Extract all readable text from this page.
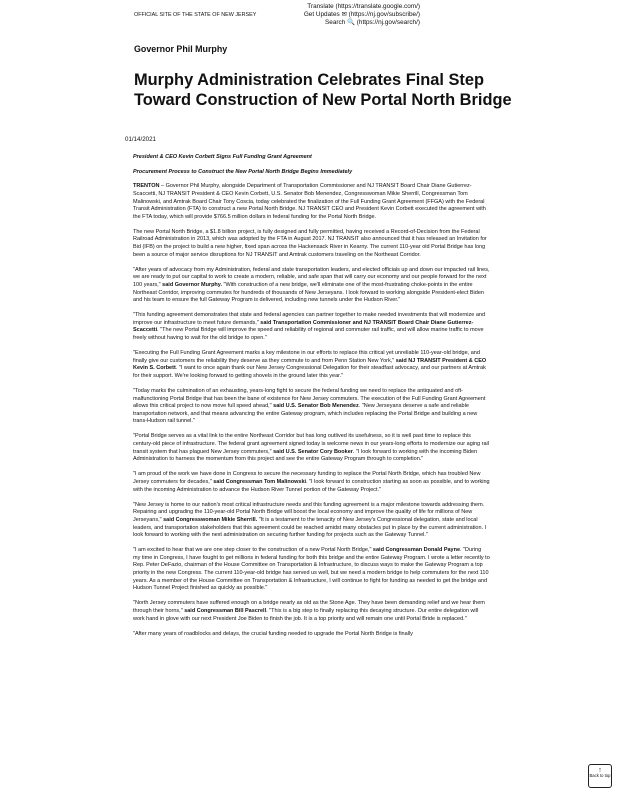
OFFICIAL SITE OF THE STATE OF NEW JERSEY
Translate (https://translate.google.com/)
Get Updates ✉ (https://nj.gov/subscribe/)
Search 🔍 (https://nj.gov/search/)
Governor Phil Murphy
Murphy Administration Celebrates Final Step Toward Construction of New Portal North Bridge
01/14/2021

President & CEO Kevin Corbett Signs Full Funding Grant Agreement

Procurement Process to Construct the New Portal North Bridge Begins Immediately

TRENTON – Governor Phil Murphy, alongside Department of Transportation Commissioner and NJ TRANSIT Board Chair Diane Gutierrez-Scaccetti, NJ TRANSIT President & CEO Kevin Corbett, U.S. Senator Bob Menendez, Congresswoman Mikie Sherrill, Congressman Tom Malinowski, and Amtrak Board Chair Tony Coscia, today celebrated the finalization of the Full Funding Grant Agreement (FFGA) with the Federal Transit Administration (FTA) to construct a new Portal North Bridge. NJ TRANSIT CEO and President Kevin Corbett executed the agreement with the FTA today, which will provide $766.5 million dollars in federal funding for the Portal North Bridge.

The new Portal North Bridge, a $1.8 billion project, is fully designed and fully permitted, having received a Record-of-Decision from the Federal Railroad Administration in 2013, which was adopted by the FTA in August 2017. NJ TRANSIT also announced that it has released an Invitation for Bid (IFB) on the project to build a new higher, fixed span across the Hackensack River in Kearny. The current 110-year old Portal Bridge has long been a source of major service disruptions for NJ TRANSIT and Amtrak customers traveling on the Northeast Corridor.

"After years of advocacy from my Administration, federal and state transportation leaders, and elected officials up and down our impacted rail lines, we are ready to put our capital to work to create a modern, reliable, and safe span that will carry our economy and our people forward for the next 100 years," said Governor Murphy. "With construction of a new bridge, we'll eliminate one of the most-frustrating choke-points in the entire Northeast Corridor, improving commutes for hundreds of thousands of New Jerseyans. I look forward to working alongside President-elect Biden and his team to ensure the full Gateway Program is delivered, including new tunnels under the Hudson River."

"This funding agreement demonstrates that state and federal agencies can partner together to make needed investments that will modernize and improve our infrastructure to meet future demands," said Transportation Commissioner and NJ TRANSIT Board Chair Diane Gutierrez-Scaccetti. "The new Portal Bridge will improve the speed and reliability of regional and commuter rail traffic, and will allow marine traffic to move freely without having to wait for the old bridge to open."

"Executing the Full Funding Grant Agreement marks a key milestone in our efforts to replace this critical yet unreliable 110-year-old bridge, and finally give our customers the reliability they deserve as they commute to and from Penn Station New York," said NJ TRANSIT President & CEO Kevin S. Corbett. "I want to once again thank our New Jersey Congressional Delegation for their steadfast advocacy, and our partners at Amtrak for their support. We're looking forward to getting shovels in the ground later this year."

"Today marks the culmination of an exhausting, years-long fight to secure the federal funding we need to replace the antiquated and oft-malfunctioning Portal Bridge that has been the bane of existence for New Jersey commuters. The execution of the Full Funding Grant Agreement allows this critical project to now move full speed ahead," said U.S. Senator Bob Menendez. "New Jerseyans deserve a safe and reliable transportation network, and that means advancing the entire Gateway program, which includes replacing the Portal Bridge and building a new trans-Hudson rail tunnel."

"Portal Bridge serves as a vital link to the entire Northeast Corridor but has long outlived its usefulness, so it is well past time to replace this century-old piece of infrastructure. The federal grant agreement signed today is welcome news in our years-long efforts to modernize our aging rail transit system that has plagued New Jersey commuters," said U.S. Senator Cory Booker. "I look forward to working with the incoming Biden Administration to harness the momentum from this project and see the entire Gateway Program through to completion."

"I am proud of the work we have done in Congress to secure the necessary funding to replace the Portal North Bridge, which has troubled New Jersey commuters for decades," said Congressman Tom Malinowski. "I look forward to construction starting as soon as possible, and to working with the incoming Administration to advance the Hudson River Tunnel portion of the Gateway Project."

"New Jersey is home to our nation's most critical infrastructure needs and this funding agreement is a major milestone towards addressing them. Repairing and upgrading the 110-year-old Portal North Bridge will boost the local economy and improve the quality of life for millions of New Jerseyans," said Congresswoman Mikie Sherrill. "It is a testament to the tenacity of New Jersey's Congressional delegation, state and local leaders, and transportation stakeholders that this agreement could be reached amidst many obstacles put in place by the current administration. I look forward to working with the next administration on securing further funding for projects such as the Gateway Tunnel."

"I am excited to hear that we are one step closer to the construction of a new Portal North Bridge," said Congressman Donald Payne. "During my time in Congress, I have fought to get millions in federal funding for both this bridge and the entire Gateway Program. I wrote a letter recently to Rep. Peter DeFazio, chairman of the House Committee on Transportation & Infrastructure, to discuss ways to make the Gateway Program a top priority in the new Congress. The current 110-year-old bridge has served us well, but we need a modern bridge to help commuters for the next 110 years. As a member of the House Committee on Transportation & Infrastructure, I will continue to fight for funding as needed to get the bridge and Hudson Tunnel Project finished as quickly as possible."

"North Jersey commuters have suffered enough on a bridge nearly as old as the Stone Age. They have been demanding relief and we hear them through their horns," said Congressman Bill Pascrell. "This is a big step to finally replacing this decaying structure. Our entire delegation will work hand in glove with our next President Joe Biden to finish the job. It is a top priority and will remain one until Portal Bride is replaced."

"After many years of roadblocks and delays, the crucial funding needed to upgrade the Portal North Bridge is finally

↑
Back to top
